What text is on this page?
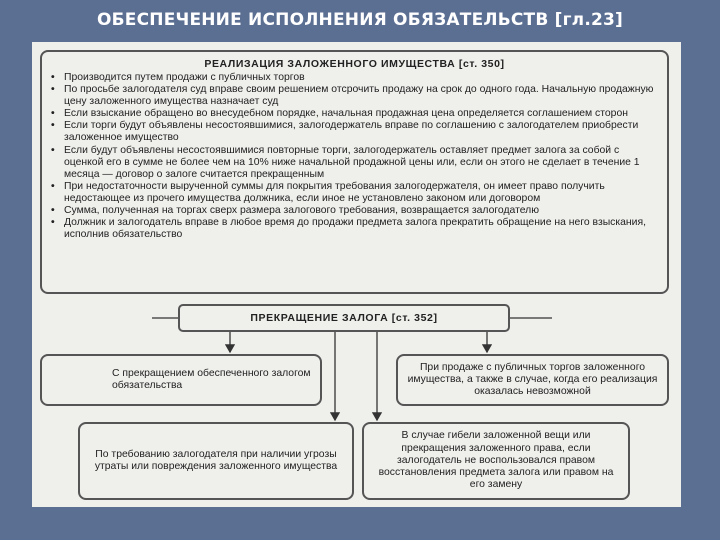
ОБЕСПЕЧЕНИЕ ИСПОЛНЕНИЯ ОБЯЗАТЕЛЬСТВ [гл.23]
РЕАЛИЗАЦИЯ ЗАЛОЖЕННОГО ИМУЩЕСТВА [ст. 350]
• Производится путем продажи с публичных торгов
• По просьбе залогодателя суд вправе своим решением отсрочить продажу на срок до одного года. Начальную продажную цену заложенного имущества назначает суд
• Если взыскание обращено во внесудебном порядке, начальная продажная цена определяется соглашением сторон
• Если торги будут объявлены несостоявшимися, залогодержатель вправе по соглашению с залогодателем приобрести заложенное имущество
• Если будут объявлены несостоявшимися повторные торги, залогодержатель оставляет предмет залога за собой с оценкой его в сумме не более чем на 10% ниже начальной продажной цены или, если он этого не сделает в течение 1 месяца — договор о залоге считается прекращенным
• При недостаточности вырученной суммы для покрытия требования залогодержателя, он имеет право получить недостающее из прочего имущества должника, если иное не установлено законом или договором
• Сумма, полученная на торгах сверх размера залогового требования, возвращается залогодателю
• Должник и залогодатель вправе в любое время до продажи предмета залога прекратить обращение на него взыскания, исполнив обязательство
ПРЕКРАЩЕНИЕ ЗАЛОГА [ст. 352]
С прекращением обеспеченного залогом обязательства
При продаже с публичных торгов заложенного имущества, а также в случае, когда его реализация оказалась невозможной
По требованию залогодателя при наличии угрозы утраты или повреждения заложенного имущества
В случае гибели заложенной вещи или прекращения заложенного права, если залогодатель не воспользовался правом восстановления предмета залога или правом на его замену
